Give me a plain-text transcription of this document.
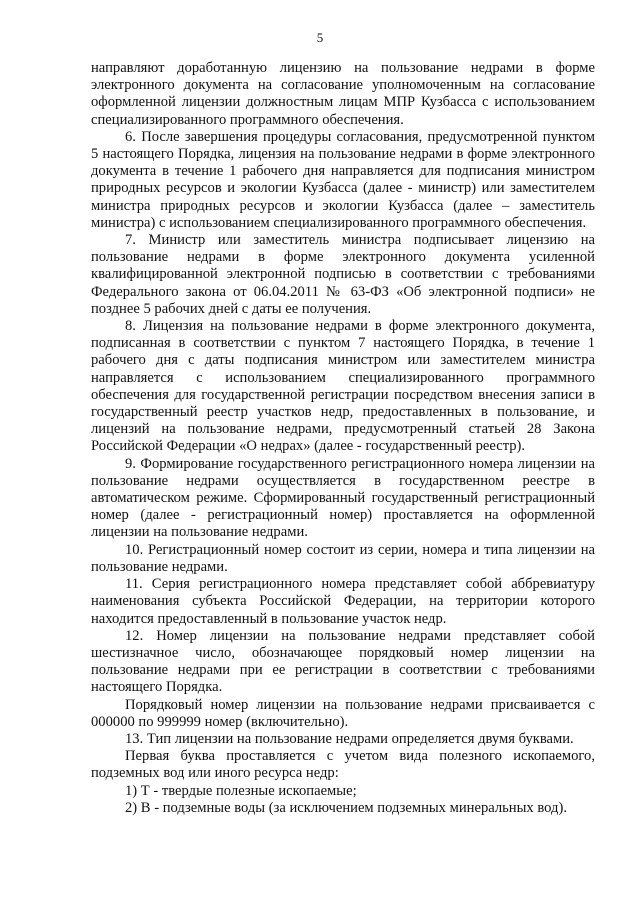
5

направляют доработанную лицензию на пользование недрами в форме электронного документа на согласование уполномоченным на согласование оформленной лицензии должностным лицам МПР Кузбасса с использованием специализированного программного обеспечения.

6. После завершения процедуры согласования, предусмотренной пунктом 5 настоящего Порядка, лицензия на пользование недрами в форме электронного документа в течение 1 рабочего дня направляется для подписания министром природных ресурсов и экологии Кузбасса (далее - министр) или заместителем министра природных ресурсов и экологии Кузбасса (далее – заместитель министра) с использованием специализированного программного обеспечения.

7. Министр или заместитель министра подписывает лицензию на пользование недрами в форме электронного документа усиленной квалифицированной электронной подписью в соответствии с требованиями Федерального закона от 06.04.2011 № 63-ФЗ «Об электронной подписи» не позднее 5 рабочих дней с даты ее получения.

8. Лицензия на пользование недрами в форме электронного документа, подписанная в соответствии с пунктом 7 настоящего Порядка, в течение 1 рабочего дня с даты подписания министром или заместителем министра направляется с использованием специализированного программного обеспечения для государственной регистрации посредством внесения записи в государственный реестр участков недр, предоставленных в пользование, и лицензий на пользование недрами, предусмотренный статьей 28 Закона Российской Федерации «О недрах» (далее - государственный реестр).

9. Формирование государственного регистрационного номера лицензии на пользование недрами осуществляется в государственном реестре в автоматическом режиме. Сформированный государственный регистрационный номер (далее - регистрационный номер) проставляется на оформленной лицензии на пользование недрами.

10. Регистрационный номер состоит из серии, номера и типа лицензии на пользование недрами.

11. Серия регистрационного номера представляет собой аббревиатуру наименования субъекта Российской Федерации, на территории которого находится предоставленный в пользование участок недр.

12. Номер лицензии на пользование недрами представляет собой шестизначное число, обозначающее порядковый номер лицензии на пользование недрами при ее регистрации в соответствии с требованиями настоящего Порядка.

Порядковый номер лицензии на пользование недрами присваивается с 000000 по 999999 номер (включительно).

13. Тип лицензии на пользование недрами определяется двумя буквами.

Первая буква проставляется с учетом вида полезного ископаемого, подземных вод или иного ресурса недр:

1) Т - твердые полезные ископаемые;

2) В - подземные воды (за исключением подземных минеральных вод).
